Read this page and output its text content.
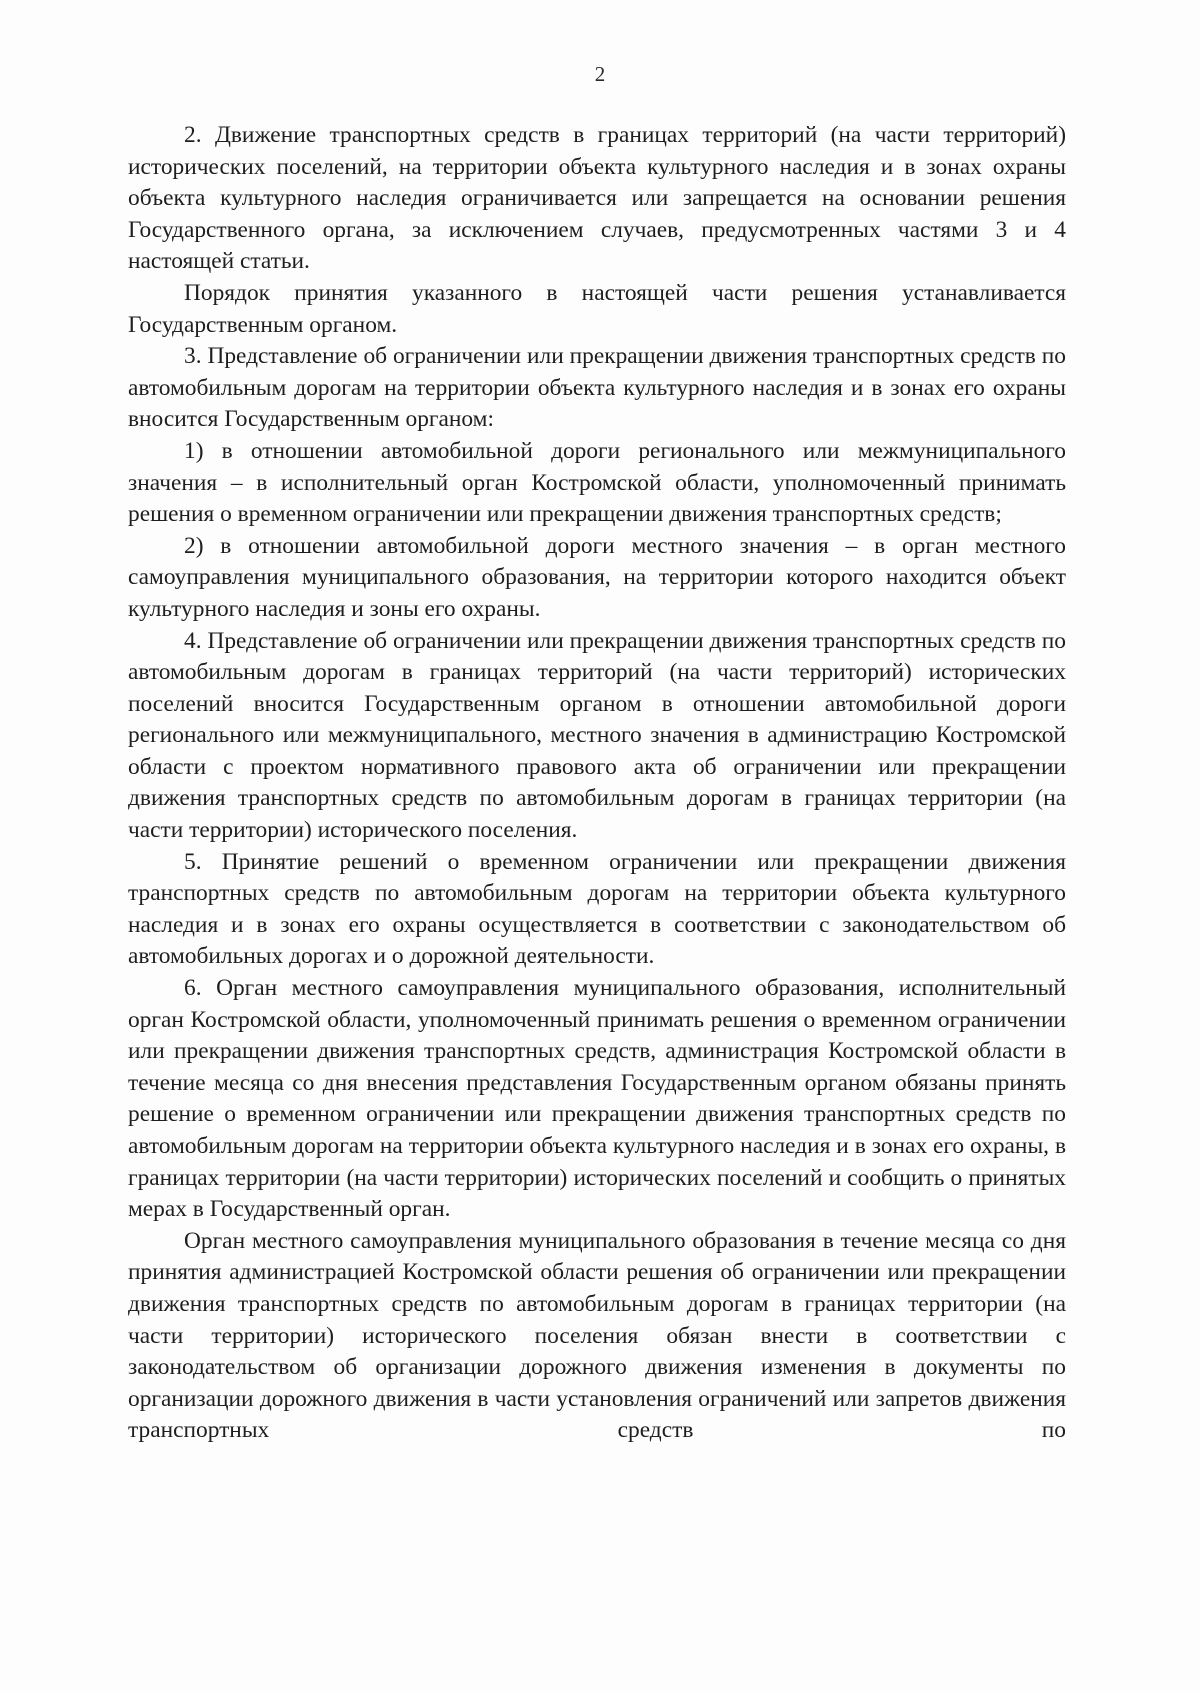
2

2. Движение транспортных средств в границах территорий (на части территорий) исторических поселений, на территории объекта культурного наследия и в зонах охраны объекта культурного наследия ограничивается или запрещается на основании решения Государственного органа, за исключением случаев, предусмотренных частями 3 и 4 настоящей статьи.

Порядок принятия указанного в настоящей части решения устанавливается Государственным органом.

3. Представление об ограничении или прекращении движения транспортных средств по автомобильным дорогам на территории объекта культурного наследия и в зонах его охраны вносится Государственным органом:

1) в отношении автомобильной дороги регионального или межмуниципального значения – в исполнительный орган Костромской области, уполномоченный принимать решения о временном ограничении или прекращении движения транспортных средств;

2) в отношении автомобильной дороги местного значения – в орган местного самоуправления муниципального образования, на территории которого находится объект культурного наследия и зоны его охраны.

4. Представление об ограничении или прекращении движения транспортных средств по автомобильным дорогам в границах территорий (на части территорий) исторических поселений вносится Государственным органом в отношении автомобильной дороги регионального или межмуниципального, местного значения в администрацию Костромской области с проектом нормативного правового акта об ограничении или прекращении движения транспортных средств по автомобильным дорогам в границах территории (на части территории) исторического поселения.

5. Принятие решений о временном ограничении или прекращении движения транспортных средств по автомобильным дорогам на территории объекта культурного наследия и в зонах его охраны осуществляется в соответствии с законодательством об автомобильных дорогах и о дорожной деятельности.

6. Орган местного самоуправления муниципального образования, исполнительный орган Костромской области, уполномоченный принимать решения о временном ограничении или прекращении движения транспортных средств, администрация Костромской области в течение месяца со дня внесения представления Государственным органом обязаны принять решение о временном ограничении или прекращении движения транспортных средств по автомобильным дорогам на территории объекта культурного наследия и в зонах его охраны, в границах территории (на части территории) исторических поселений и сообщить о принятых мерах в Государственный орган.

Орган местного самоуправления муниципального образования в течение месяца со дня принятия администрацией Костромской области решения об ограничении или прекращении движения транспортных средств по автомобильным дорогам в границах территории (на части территории) исторического поселения обязан внести в соответствии с законодательством об организации дорожного движения изменения в документы по организации дорожного движения в части установления ограничений или запретов движения транспортных средств по
